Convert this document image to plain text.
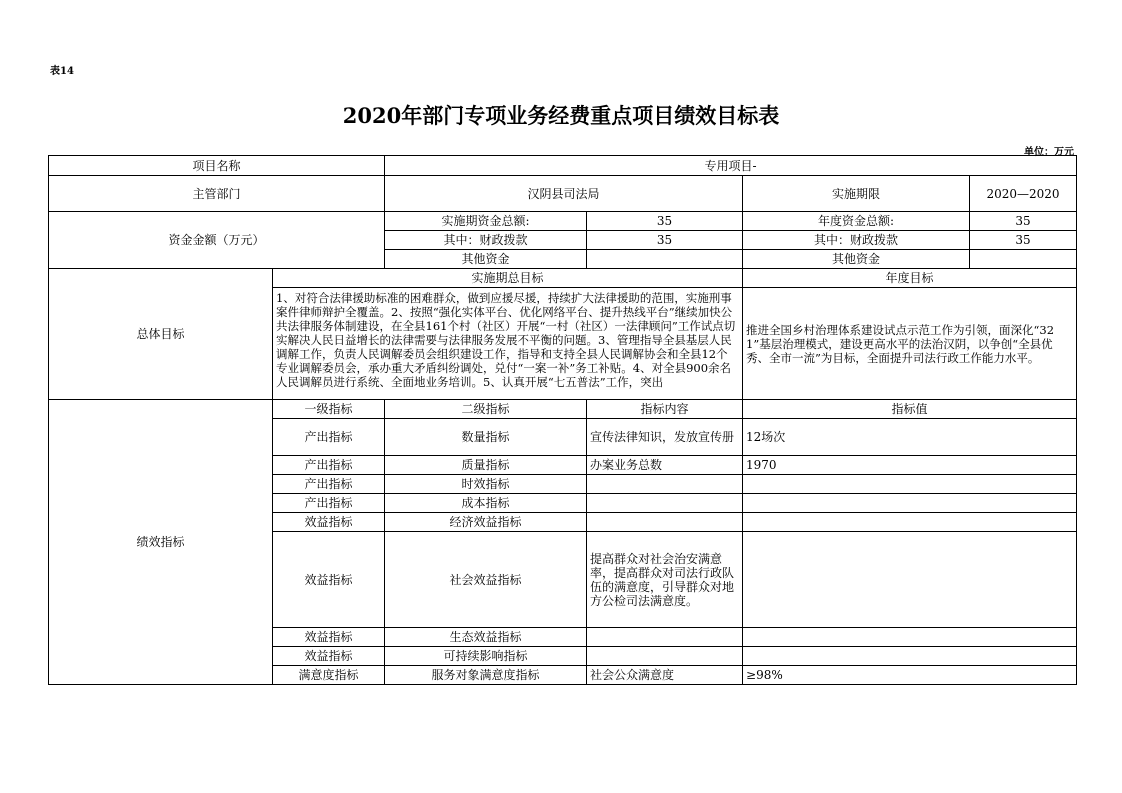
表14
2020年部门专项业务经费重点项目绩效目标表
单位：万元
项目名称		专用项目-			
主管部门		汉阴县司法局		实施期限	2020—2020
资金金额（万元）		实施期资金总额:	35	年度资金总额:	35
		其中：财政拨款	35	其中：财政拨款	35
		其他资金		其他资金	
总体目标	实施期总目标			年度目标	

	1、对符合法律援助标准的困难群众，做到应援尽援，持续扩大法律援助的范围，实施刑事案件律师辩护全覆盖。2、按照“强化实体平台、优化网络平台、提升热线平台”继续加快公共法律服务体制建设，在全县161个村（社区）开展“一村（社区）一法律顾问”工作试点切实解决人民日益增长的法律需要与法律服务发展不平衡的问题。3、管理指导全县基层人民调解工作，负责人民调解委员会组织建设工作，指导和支持全县人民调解协会和全县12个专业调解委员会，承办重大矛盾纠纷调处，兑付“一案一补”务工补贴。4、对全县900余名人民调解员进行系统、全面地业务培训。5、认真开展“七五普法”工作，突出			推进全国乡村治理体系建设试点示范工作为引领，面深化“321”基层治理模式，建设更高水平的法治汉阴，以争创“全县优秀、全市一流”为目标，全面提升司法行政工作能力水平。	
绩效指标	一级指标	二级指标	指标内容	指标值	
	产出指标	数量指标	宣传法律知识，发放宣传册	12场次	
	产出指标	质量指标	办案业务总数	1970	
	产出指标	时效指标			
	产出指标	成本指标			
	效益指标	经济效益指标			
	效益指标	社会效益指标	提高群众对社会治安满意率，提高群众对司法行政队伍的满意度，引导群众对地方公检司法满意度。		
	效益指标	生态效益指标			
	效益指标	可持续影响指标			
	满意度指标	服务对象满意度指标	社会公众满意度	≥98%	
